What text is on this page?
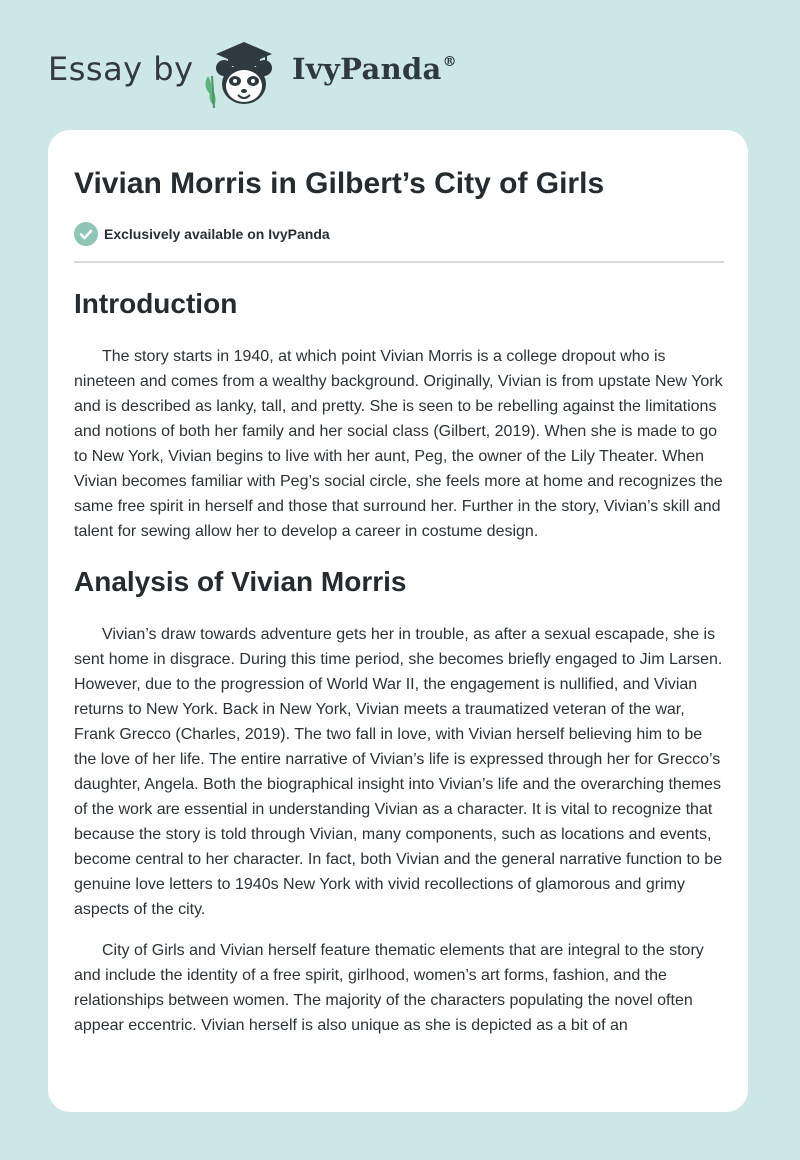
Essay by	IvyPanda®
Vivian Morris in Gilbert’s City of Girls
Exclusively available on IvyPanda
Introduction

The story starts in 1940, at which point Vivian Morris is a college dropout who is nineteen and comes from a wealthy background. Originally, Vivian is from upstate New York and is described as lanky, tall, and pretty. She is seen to be rebelling against the limitations and notions of both her family and her social class (Gilbert, 2019). When she is made to go to New York, Vivian begins to live with her aunt, Peg, the owner of the Lily Theater. When Vivian becomes familiar with Peg’s social circle, she feels more at home and recognizes the same free spirit in herself and those that surround her. Further in the story, Vivian’s skill and talent for sewing allow her to develop a career in costume design.

Analysis of Vivian Morris

Vivian’s draw towards adventure gets her in trouble, as after a sexual escapade, she is sent home in disgrace. During this time period, she becomes briefly engaged to Jim Larsen. However, due to the progression of World War II, the engagement is nullified, and Vivian returns to New York. Back in New York, Vivian meets a traumatized veteran of the war, Frank Grecco (Charles, 2019). The two fall in love, with Vivian herself believing him to be the love of her life. The entire narrative of Vivian’s life is expressed through her for Grecco’s daughter, Angela. Both the biographical insight into Vivian’s life and the overarching themes of the work are essential in understanding Vivian as a character. It is vital to recognize that because the story is told through Vivian, many components, such as locations and events, become central to her character. In fact, both Vivian and the general narrative function to be genuine love letters to 1940s New York with vivid recollections of glamorous and grimy aspects of the city.

City of Girls and Vivian herself feature thematic elements that are integral to the story and include the identity of a free spirit, girlhood, women’s art forms, fashion, and the relationships between women. The majority of the characters populating the novel often appear eccentric. Vivian herself is also unique as she is depicted as a bit of an
